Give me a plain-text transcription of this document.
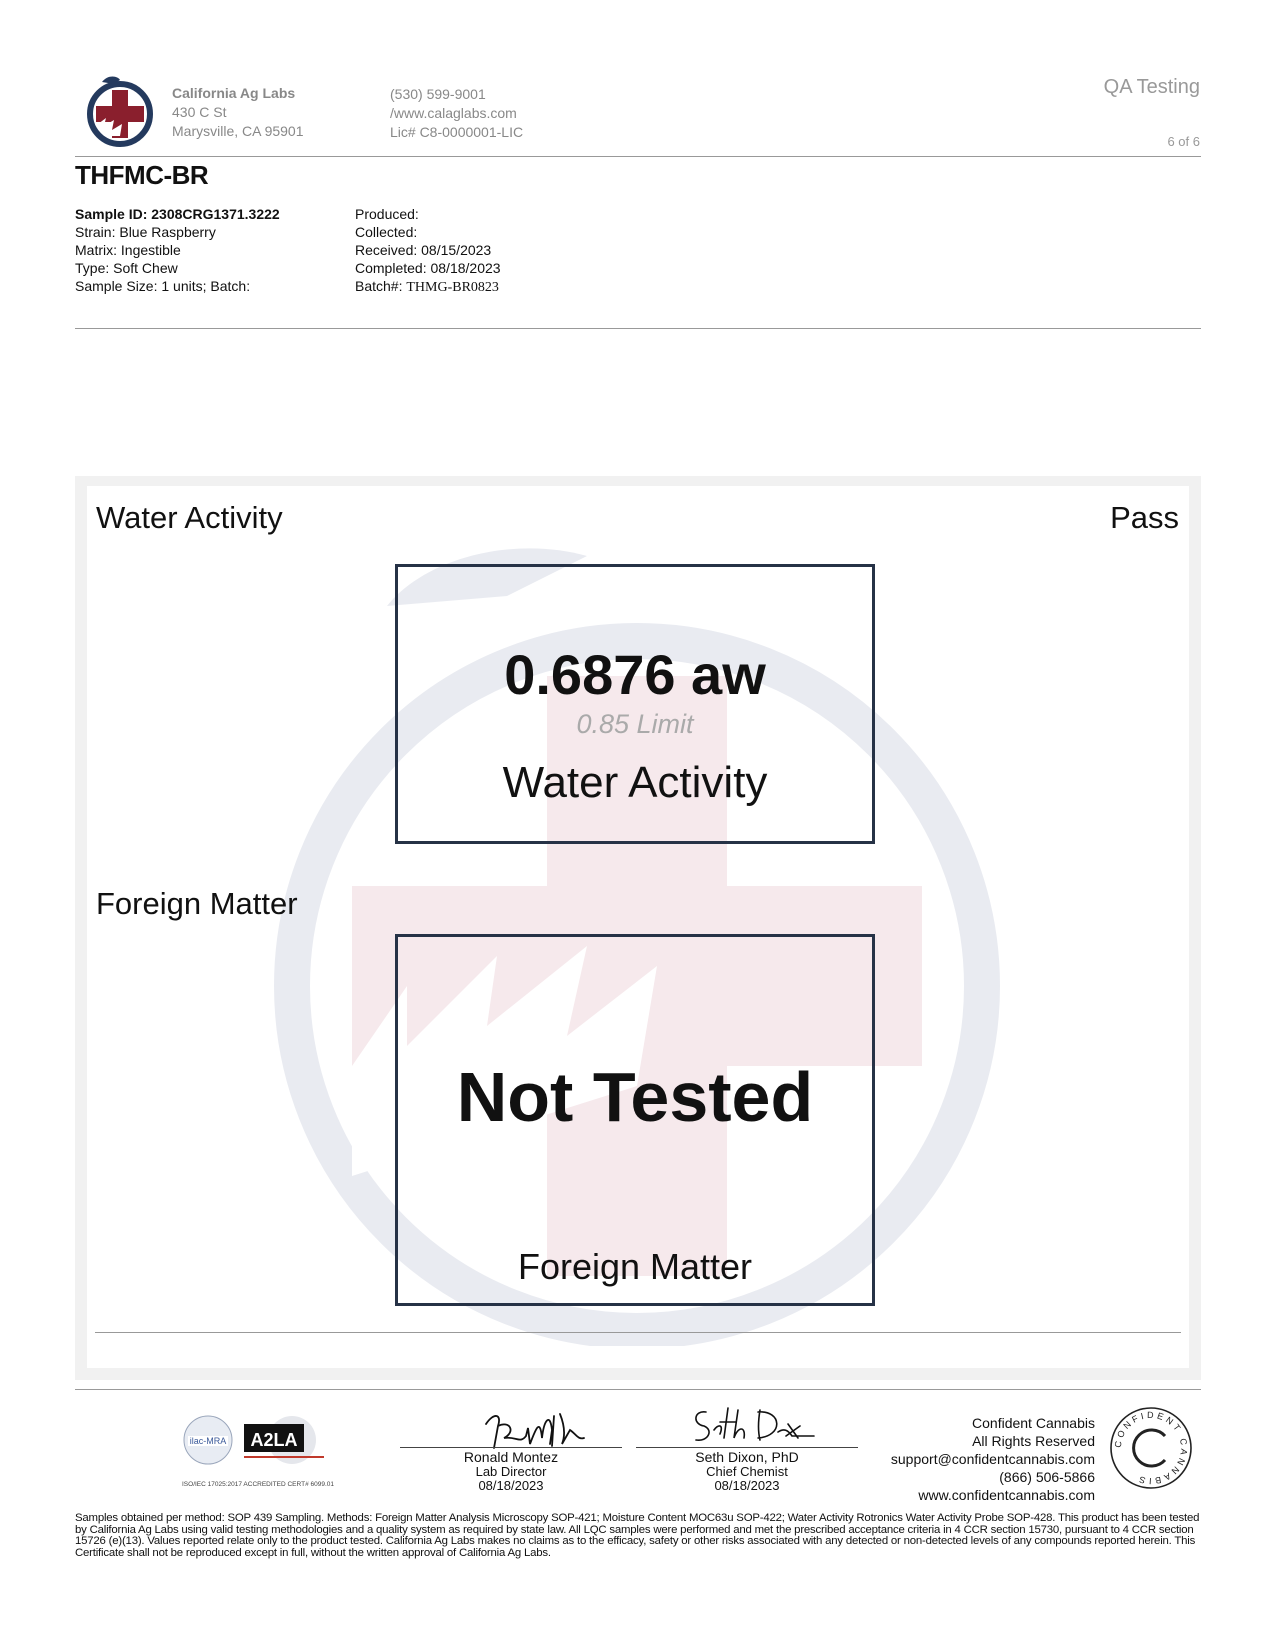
California Ag Labs
430 C St
Marysville, CA 95901
(530) 599-9001
/www.calaglabs.com
Lic# C8-0000001-LIC
QA Testing
6 of 6
THFMC-BR
Sample ID: 2308CRG1371.3222
Strain: Blue Raspberry
Matrix: Ingestible
Type: Soft Chew
Sample Size: 1 units; Batch:
Produced:
Collected:
Received: 08/15/2023
Completed: 08/18/2023
Batch#: THMG-BR0823
Water Activity	Pass
0.6876 aw
0.85 Limit
Water Activity
Foreign Matter
Not Tested
Foreign Matter
ilac-MRA A2LA
ISO/IEC 17025:2017 ACCREDITED CERT# 6099.01
Ronald Montez
Lab Director
08/18/2023
Seth Dixon, PhD
Chief Chemist
08/18/2023
Confident Cannabis
All Rights Reserved
support@confidentcannabis.com
(866) 506-5866
www.confidentcannabis.com
CONFIDENT CANNABIS
Samples obtained per method: SOP 439 Sampling. Methods: Foreign Matter Analysis Microscopy SOP-421; Moisture Content MOC63u SOP-422; Water Activity Rotronics Water Activity Probe SOP-428. This product has been tested by California Ag Labs using valid testing methodologies and a quality system as required by state law. All LQC samples were performed and met the prescribed acceptance criteria in 4 CCR section 15730, pursuant to 4 CCR section 15726 (e)(13). Values reported relate only to the product tested. California Ag Labs makes no claims as to the efficacy, safety or other risks associated with any detected or non-detected levels of any compounds reported herein. This Certificate shall not be reproduced except in full, without the written approval of California Ag Labs.
